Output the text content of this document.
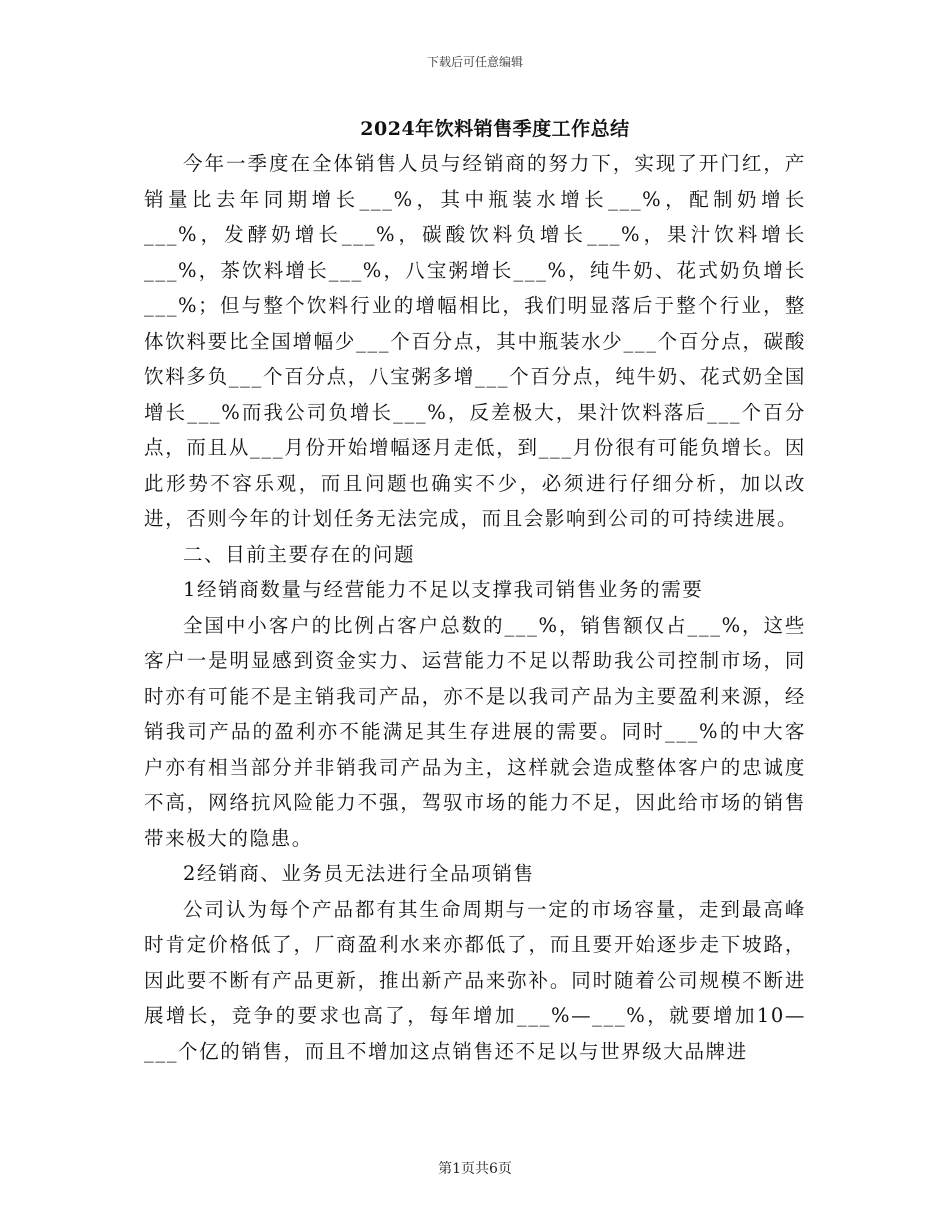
下载后可任意编辑
2024年饮料销售季度工作总结

今年一季度在全体销售人员与经销商的努力下，实现了开门红，产销量比去年同期增长___%，其中瓶装水增长___%，配制奶增长___%，发酵奶增长___%，碳酸饮料负增长___%，果汁饮料增长___%，茶饮料增长___%，八宝粥增长___%，纯牛奶、花式奶负增长___%；但与整个饮料行业的增幅相比，我们明显落后于整个行业，整体饮料要比全国增幅少___个百分点，其中瓶装水少___个百分点，碳酸饮料多负___个百分点，八宝粥多增___个百分点，纯牛奶、花式奶全国增长___%而我公司负增长___%，反差极大，果汁饮料落后___个百分点，而且从___月份开始增幅逐月走低，到___月份很有可能负增长。因此形势不容乐观，而且问题也确实不少，必须进行仔细分析，加以改进，否则今年的计划任务无法完成，而且会影响到公司的可持续进展。

二、目前主要存在的问题

1经销商数量与经营能力不足以支撑我司销售业务的需要

全国中小客户的比例占客户总数的___%，销售额仅占___%，这些客户一是明显感到资金实力、运营能力不足以帮助我公司控制市场，同时亦有可能不是主销我司产品，亦不是以我司产品为主要盈利来源，经销我司产品的盈利亦不能满足其生存进展的需要。同时___%的中大客户亦有相当部分并非销我司产品为主，这样就会造成整体客户的忠诚度不高，网络抗风险能力不强，驾驭市场的能力不足，因此给市场的销售带来极大的隐患。

2经销商、业务员无法进行全品项销售

公司认为每个产品都有其生命周期与一定的市场容量，走到最高峰时肯定价格低了，厂商盈利水来亦都低了，而且要开始逐步走下坡路，因此要不断有产品更新，推出新产品来弥补。同时随着公司规模不断进展增长，竞争的要求也高了，每年增加___%—___%，就要增加10—___个亿的销售，而且不增加这点销售还不足以与世界级大品牌进

第1页共6页
